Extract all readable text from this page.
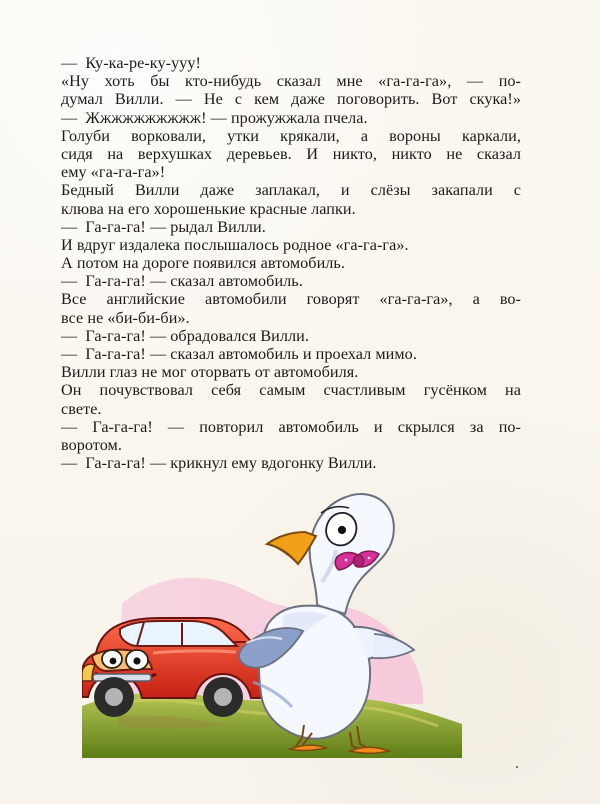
—  Ку-ка-ре-ку-ууу!
«Ну хоть бы кто-нибудь сказал мне «га-га-га», — по-
думал Вилли. — Не с кем даже поговорить. Вот скука!»
—  Жжжжжжжжжж! — прожужжала пчела.
Голуби ворковали, утки крякали, а вороны каркали,
сидя на верхушках деревьев. И никто, никто не сказал
ему «га-га-га»!
Бедный Вилли даже заплакал, и слёзы закапали с
клюва на его хорошенькие красные лапки.
—  Га-га-га! — рыдал Вилли.
И вдруг издалека послышалось родное «га-га-га».
А потом на дороге появился автомобиль.
—  Га-га-га! — сказал автомобиль.
Все английские автомобили говорят «га-га-га», а во-
все не «би-би-би».
—  Га-га-га! — обрадовался Вилли.
—  Га-га-га! — сказал автомобиль и проехал мимо.
Вилли глаз не мог оторвать от автомобиля.
Он почувствовал себя самым счастливым гусёнком на
свете.
— Га-га-га! — повторил автомобиль и скрылся за по-
воротом.
—  Га-га-га! — крикнул ему вдогонку Вилли.
